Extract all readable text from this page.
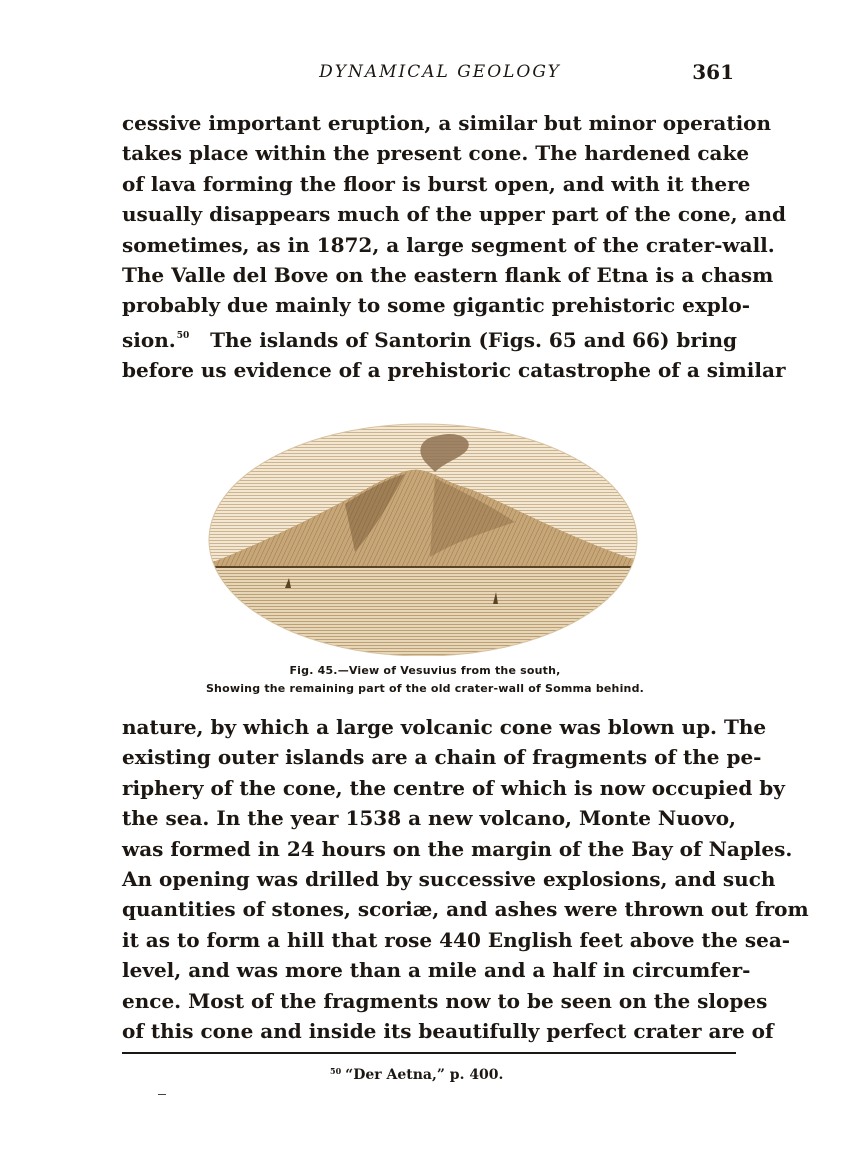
DYNAMICAL GEOLOGY	361
cessive important eruption, a similar but minor operation
takes place within the present cone. The hardened cake
of lava forming the floor is burst open, and with it there
usually disappears much of the upper part of the cone, and
sometimes, as in 1872, a large segment of the crater-wall.
The Valle del Bove on the eastern flank of Etna is a chasm
probably due mainly to some gigantic prehistoric explo-
sion.$^{50}$ The islands of Santorin (Figs. 65 and 66) bring
before us evidence of a prehistoric catastrophe of a similar
Fig. 45.—View of Vesuvius from the south,
Showing the remaining part of the old crater-wall of Somma behind.
nature, by which a large volcanic cone was blown up. The
existing outer islands are a chain of fragments of the pe-
riphery of the cone, the centre of which is now occupied by
the sea. In the year 1538 a new volcano, Monte Nuovo,
was formed in 24 hours on the margin of the Bay of Naples.
An opening was drilled by successive explosions, and such
quantities of stones, scoriæ, and ashes were thrown out from
it as to form a hill that rose 440 English feet above the sea-
level, and was more than a mile and a half in circumfer-
ence. Most of the fragments now to be seen on the slopes
of this cone and inside its beautifully perfect crater are of
$^{50}$ “Der Aetna,” p. 400.
